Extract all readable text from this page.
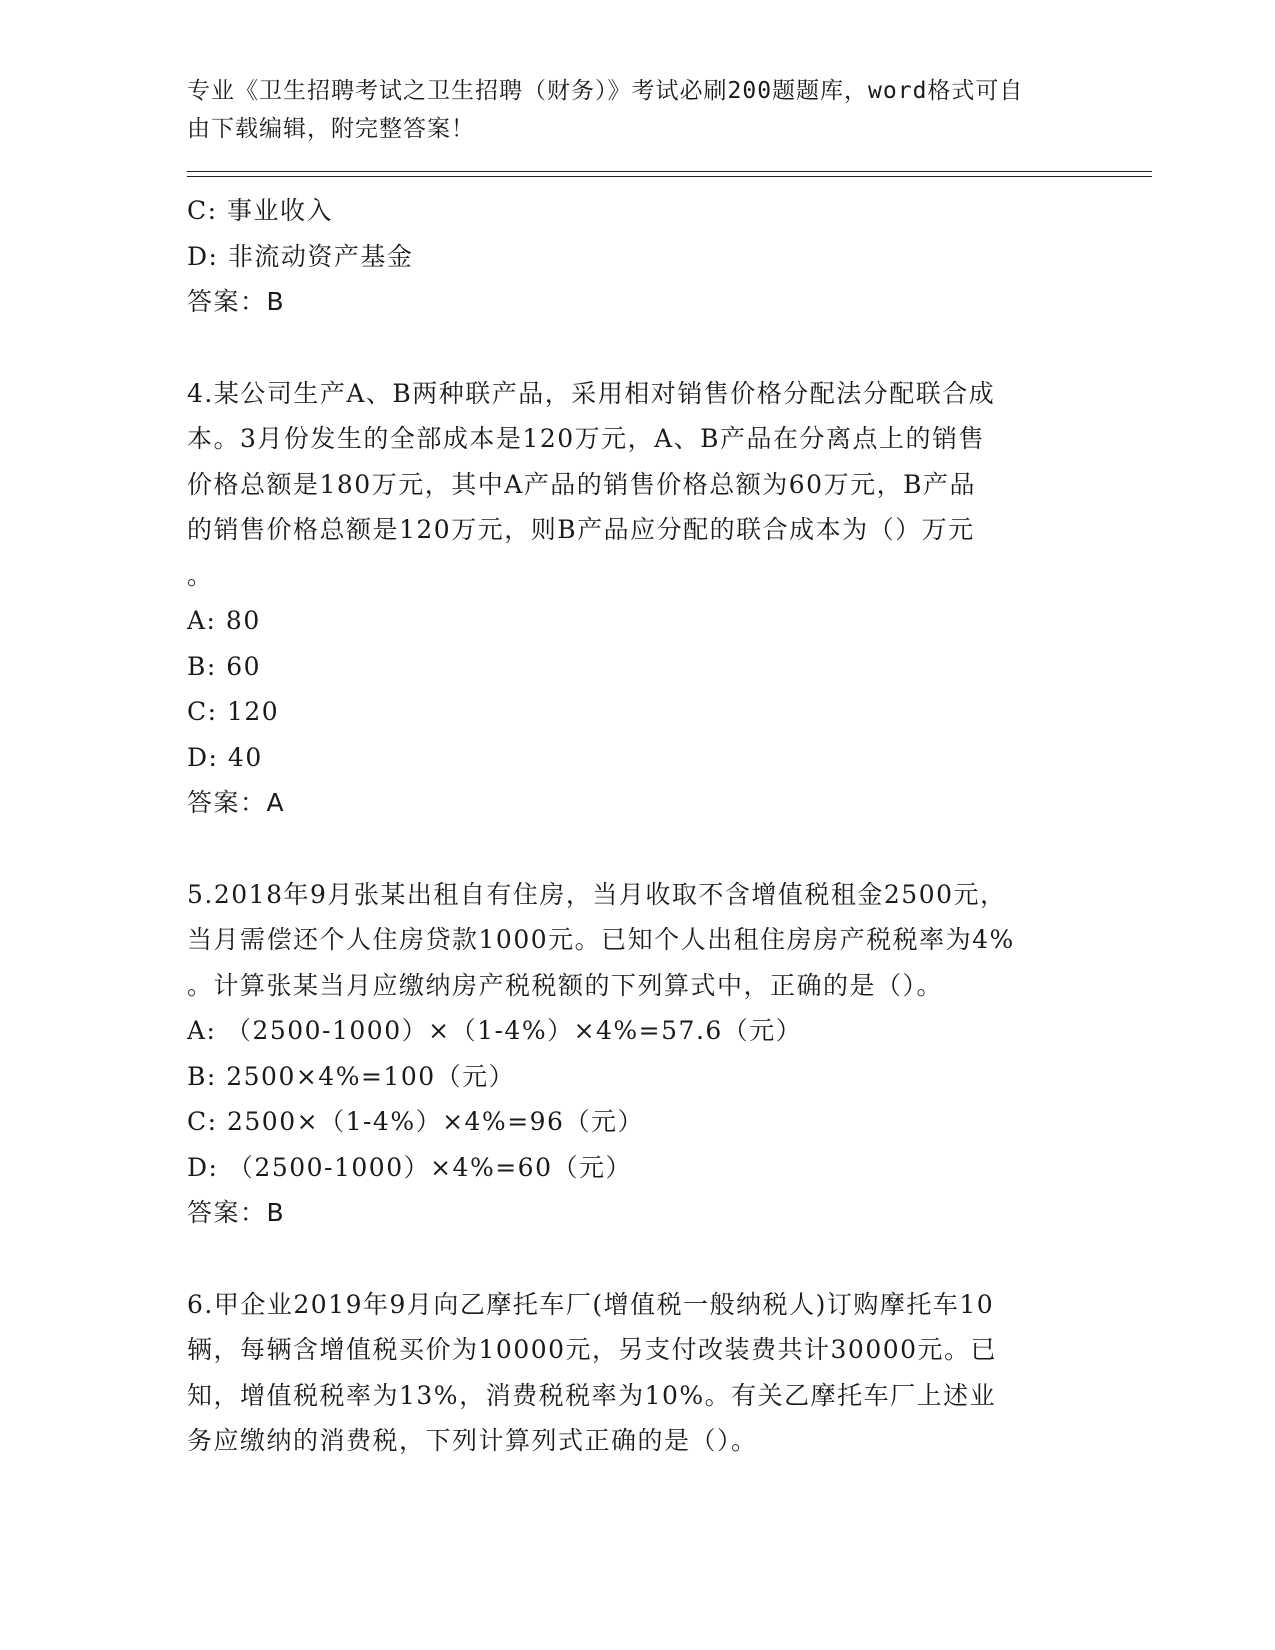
专业《卫生招聘考试之卫生招聘（财务）》考试必刷200题题库，word格式可自
由下载编辑，附完整答案！
C: 事业收入
D: 非流动资产基金
答案：B
4.某公司生产A、B两种联产品，采用相对销售价格分配法分配联合成
本。3月份发生的全部成本是120万元，A、B产品在分离点上的销售
价格总额是180万元，其中A产品的销售价格总额为60万元，B产品
的销售价格总额是120万元，则B产品应分配的联合成本为（）万元
。
A: 80
B: 60
C: 120
D: 40
答案：A
5.2018年9月张某出租自有住房，当月收取不含增值税租金2500元，
当月需偿还个人住房贷款1000元。已知个人出租住房房产税税率为4%
。计算张某当月应缴纳房产税税额的下列算式中，正确的是（）。
A: （2500-1000）×（1-4%）×4%=57.6（元）
B: 2500×4%=100（元）
C: 2500×（1-4%）×4%=96（元）
D: （2500-1000）×4%=60（元）
答案：B
6.甲企业2019年9月向乙摩托车厂(增值税一般纳税人)订购摩托车10
辆，每辆含增值税买价为10000元，另支付改装费共计30000元。已
知，增值税税率为13%，消费税税率为10%。有关乙摩托车厂上述业
务应缴纳的消费税，下列计算列式正确的是（）。
